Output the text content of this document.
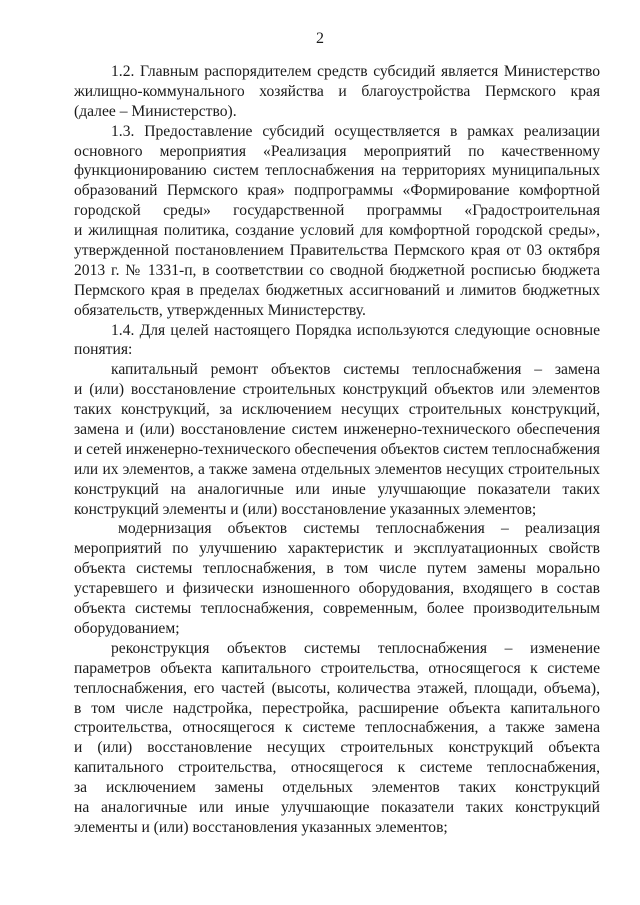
2
1.2. Главным распорядителем средств субсидий является Министерство
жилищно-коммунального хозяйства и благоустройства Пермского края
(далее – Министерство).
1.3. Предоставление субсидий осуществляется в рамках реализации
основного мероприятия «Реализация мероприятий по качественному
функционированию систем теплоснабжения на территориях муниципальных
образований Пермского края» подпрограммы «Формирование комфортной
городской среды» государственной программы «Градостроительная
и жилищная политика, создание условий для комфортной городской среды»,
утвержденной постановлением Правительства Пермского края от 03 октября
2013 г. № 1331-п, в соответствии со сводной бюджетной росписью бюджета
Пермского края в пределах бюджетных ассигнований и лимитов бюджетных
обязательств, утвержденных Министерству.
1.4. Для целей настоящего Порядка используются следующие основные
понятия:
капитальный ремонт объектов системы теплоснабжения – замена
и (или) восстановление строительных конструкций объектов или элементов
таких конструкций, за исключением несущих строительных конструкций,
замена и (или) восстановление систем инженерно-технического обеспечения
и сетей инженерно-технического обеспечения объектов систем теплоснабжения
или их элементов, а также замена отдельных элементов несущих строительных
конструкций на аналогичные или иные улучшающие показатели таких
конструкций элементы и (или) восстановление указанных элементов;
модернизация объектов системы теплоснабжения – реализация
мероприятий по улучшению характеристик и эксплуатационных свойств
объекта системы теплоснабжения, в том числе путем замены морально
устаревшего и физически изношенного оборудования, входящего в состав
объекта системы теплоснабжения, современным, более производительным
оборудованием;
реконструкция объектов системы теплоснабжения – изменение
параметров объекта капитального строительства, относящегося к системе
теплоснабжения, его частей (высоты, количества этажей, площади, объема),
в том числе надстройка, перестройка, расширение объекта капитального
строительства, относящегося к системе теплоснабжения, а также замена
и (или) восстановление несущих строительных конструкций объекта
капитального строительства, относящегося к системе теплоснабжения,
за исключением замены отдельных элементов таких конструкций
на аналогичные или иные улучшающие показатели таких конструкций
элементы и (или) восстановления указанных элементов;
